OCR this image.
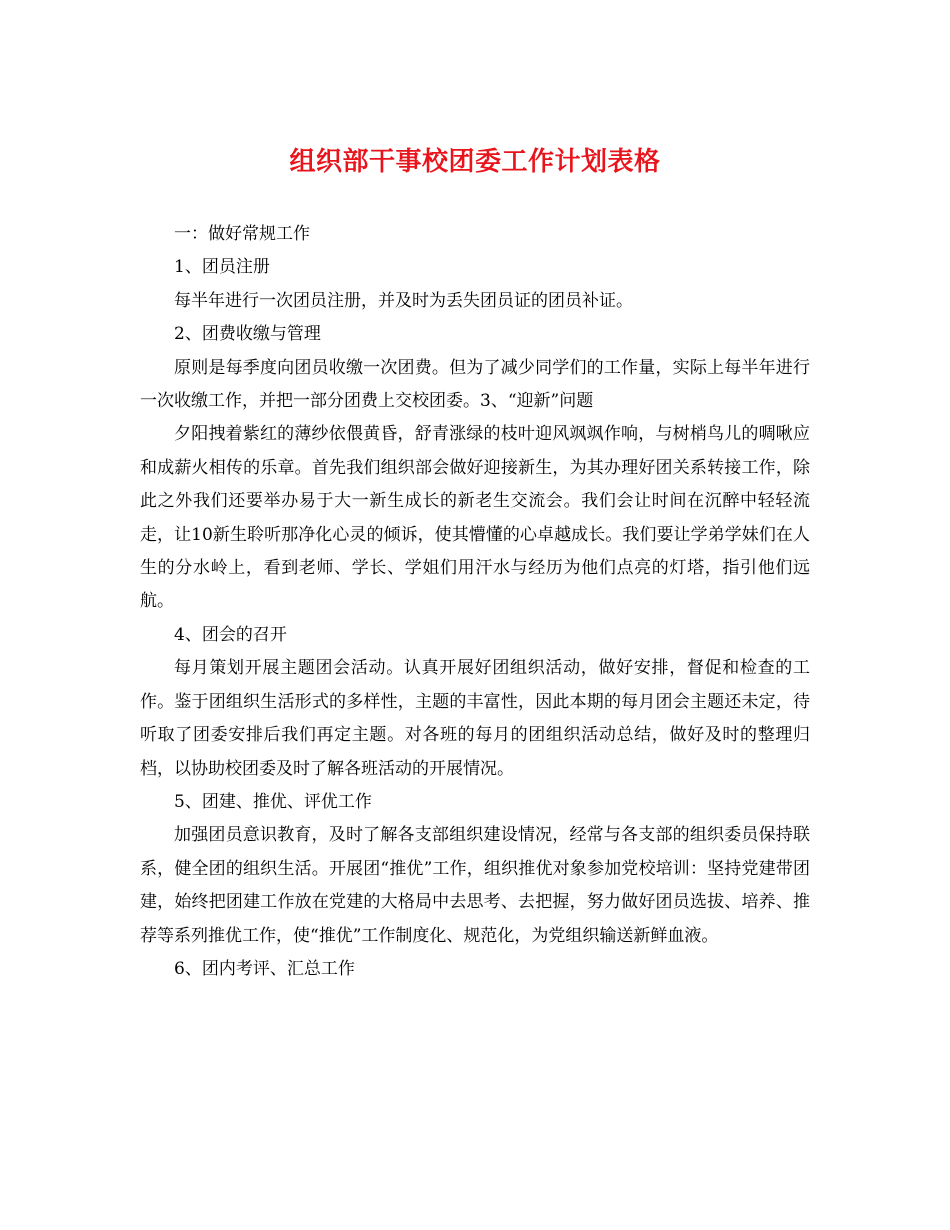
组织部干事校团委工作计划表格

一：做好常规工作

1、团员注册

每半年进行一次团员注册，并及时为丢失团员证的团员补证。

2、团费收缴与管理

原则是每季度向团员收缴一次团费。但为了减少同学们的工作量，实际上每半年进行一次收缴工作，并把一部分团费上交校团委。3、“迎新”问题

夕阳拽着紫红的薄纱依偎黄昏，舒青涨绿的枝叶迎风飒飒作响，与树梢鸟儿的啁啾应和成薪火相传的乐章。首先我们组织部会做好迎接新生，为其办理好团关系转接工作，除此之外我们还要举办易于大一新生成长的新老生交流会。我们会让时间在沉醉中轻轻流走，让10新生聆听那净化心灵的倾诉，使其懵懂的心卓越成长。我们要让学弟学妹们在人生的分水岭上，看到老师、学长、学姐们用汗水与经历为他们点亮的灯塔，指引他们远航。

4、团会的召开

每月策划开展主题团会活动。认真开展好团组织活动，做好安排，督促和检查的工作。鉴于团组织生活形式的多样性，主题的丰富性，因此本期的每月团会主题还未定，待听取了团委安排后我们再定主题。对各班的每月的团组织活动总结，做好及时的整理归档，以协助校团委及时了解各班活动的开展情况。

5、团建、推优、评优工作

加强团员意识教育，及时了解各支部组织建设情况，经常与各支部的组织委员保持联系，健全团的组织生活。开展团“推优”工作，组织推优对象参加党校培训：坚持党建带团建，始终把团建工作放在党建的大格局中去思考、去把握，努力做好团员选拔、培养、推荐等系列推优工作，使“推优”工作制度化、规范化，为党组织输送新鲜血液。

6、团内考评、汇总工作
